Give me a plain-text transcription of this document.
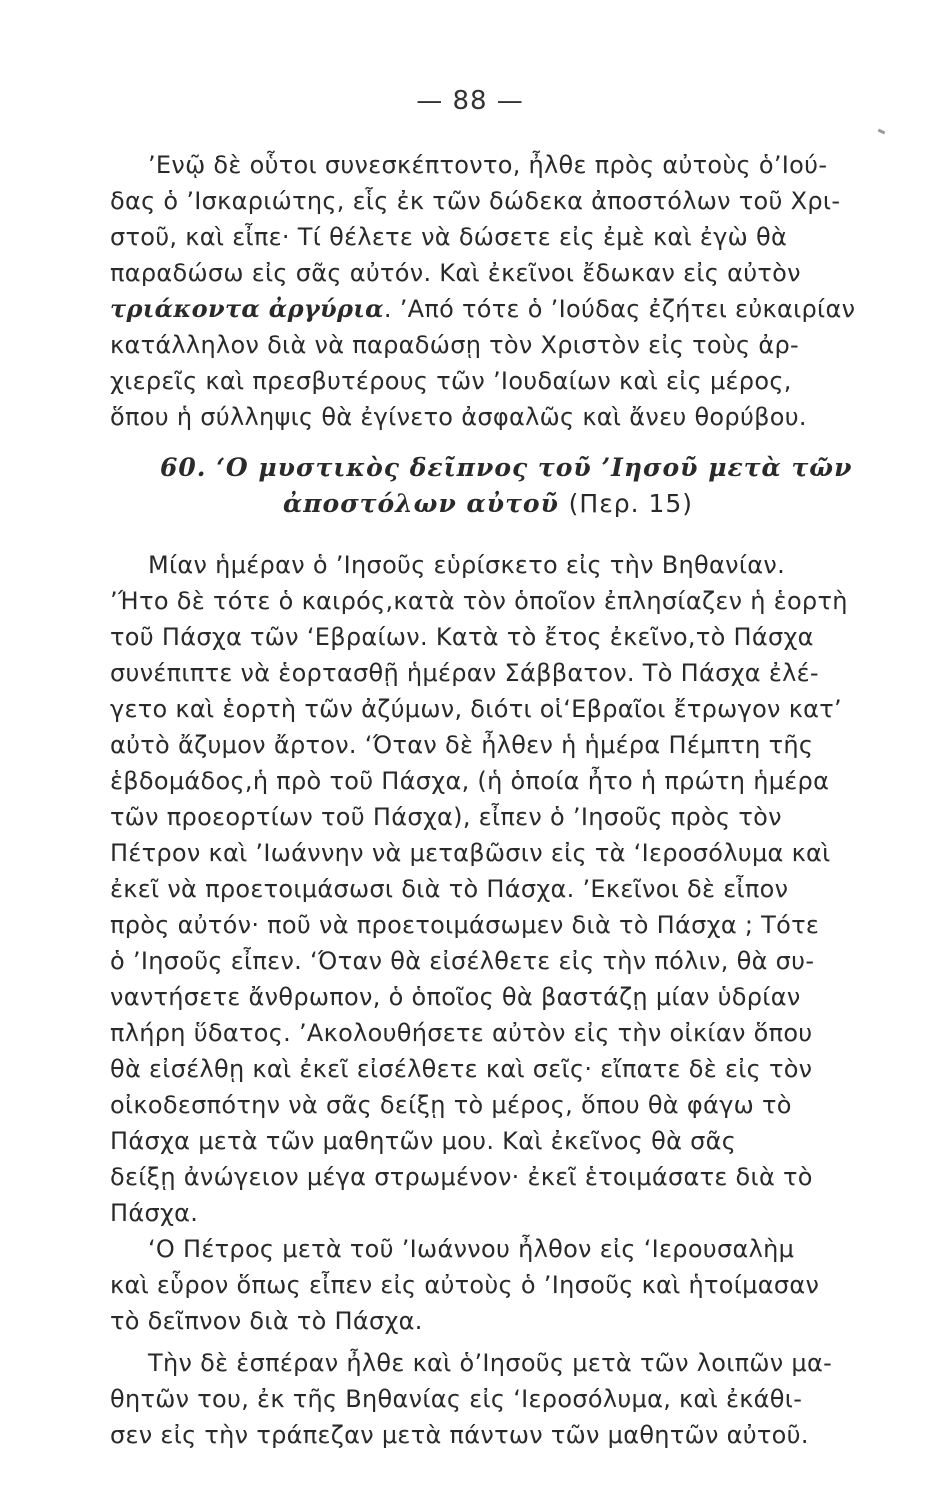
— 88 —
’Ενῷ δὲ οὗτοι συνεσκέπτοντο, ἦλθε πρὸς αὐτοὺς ὁ’Ιού-
δας ὁ ’Ισκαριώτης, εἷς ἐκ τῶν δώδεκα ἀποστόλων τοῦ Χρι-
στοῦ, καὶ εἶπε· Τί θέλετε νὰ δώσετε εἰς ἐμὲ καὶ ἐγὼ θὰ
παραδώσω εἰς σᾶς αὐτόν. Καὶ ἐκεῖνοι ἔδωκαν εἰς αὐτὸν
τριάκοντα ἀργύρια. ’Από τότε ὁ ’Ιούδας ἐζήτει εὐκαιρίαν
κατάλληλον διὰ νὰ παραδώσῃ τὸν Χριστὸν εἰς τοὺς ἀρ-
χιερεῖς καὶ πρεσβυτέρους τῶν ’Ιουδαίων καὶ εἰς μέρος,
ὅπου ἡ σύλληψις θὰ ἐγίνετο ἀσφαλῶς καὶ ἄνευ θορύβου.
60. ‘Ο μυστικὸς δεῖπνος τοῦ ’Ιησοῦ μετὰ τῶν
ἀποστόλων αὐτοῦ (Περ. 15)
Μίαν ἡμέραν ὁ ’Ιησοῦς εὑρίσκετο εἰς τὴν Βηθανίαν.
’Ήτο δὲ τότε ὁ καιρός,κατὰ τὸν ὁποῖον ἐπλησίαζεν ἡ ἑορτὴ
τοῦ Πάσχα τῶν ‘Εβραίων. Κατὰ τὸ ἔτος ἐκεῖνο,τὸ Πάσχα
συνέπιπτε νὰ ἑορτασθῇ ἡμέραν Σάββατον. Τὸ Πάσχα ἐλέ-
γετο καὶ ἑορτὴ τῶν ἀζύμων, διότι οἱ‘Εβραῖοι ἔτρωγον κατ’
αὐτὸ ἄζυμον ἄρτον. ‘Όταν δὲ ἦλθεν ἡ ἡμέρα Πέμπτη τῆς
ἑβδομάδος,ἡ πρὸ τοῦ Πάσχα, (ἡ ὁποία ἦτο ἡ πρώτη ἡμέρα
τῶν προεορτίων τοῦ Πάσχα), εἶπεν ὁ ’Ιησοῦς πρὸς τὸν
Πέτρον καὶ ’Ιωάννην νὰ μεταβῶσιν εἰς τὰ ‘Ιεροσόλυμα καὶ
ἐκεῖ νὰ προετοιμάσωσι διὰ τὸ Πάσχα. ’Εκεῖνοι δὲ εἶπον
πρὸς αὐτόν· ποῦ νὰ προετοιμάσωμεν διὰ τὸ Πάσχα ; Τότε
ὁ ’Ιησοῦς εἶπεν. ‘Όταν θὰ εἰσέλθετε εἰς τὴν πόλιν, θὰ συ-
ναντήσετε ἄνθρωπον, ὁ ὁποῖος θὰ βαστάζῃ μίαν ὑδρίαν
πλήρη ὕδατος. ’Ακολουθήσετε αὐτὸν εἰς τὴν οἰκίαν ὅπου
θὰ εἰσέλθῃ καὶ ἐκεῖ εἰσέλθετε καὶ σεῖς· εἴπατε δὲ εἰς τὸν
οἰκοδεσπότην νὰ σᾶς δείξῃ τὸ μέρος, ὅπου θὰ φάγω τὸ
Πάσχα μετὰ τῶν μαθητῶν μου. Καὶ ἐκεῖνος θὰ σᾶς
δείξῃ ἀνώγειον μέγα στρωμένον· ἐκεῖ ἑτοιμάσατε διὰ τὸ
Πάσχα.
‘Ο Πέτρος μετὰ τοῦ ’Ιωάννου ἦλθον εἰς ‘Ιερουσαλὴμ
καὶ εὗρον ὅπως εἶπεν εἰς αὐτοὺς ὁ ’Ιησοῦς καὶ ἡτοίμασαν
τὸ δεῖπνον διὰ τὸ Πάσχα.
Τὴν δὲ ἑσπέραν ἦλθε καὶ ὁ’Ιησοῦς μετὰ τῶν λοιπῶν μα-
θητῶν του, ἐκ τῆς Βηθανίας εἰς ‘Ιεροσόλυμα, καὶ ἐκάθι-
σεν εἰς τὴν τράπεζαν μετὰ πάντων τῶν μαθητῶν αὐτοῦ.
